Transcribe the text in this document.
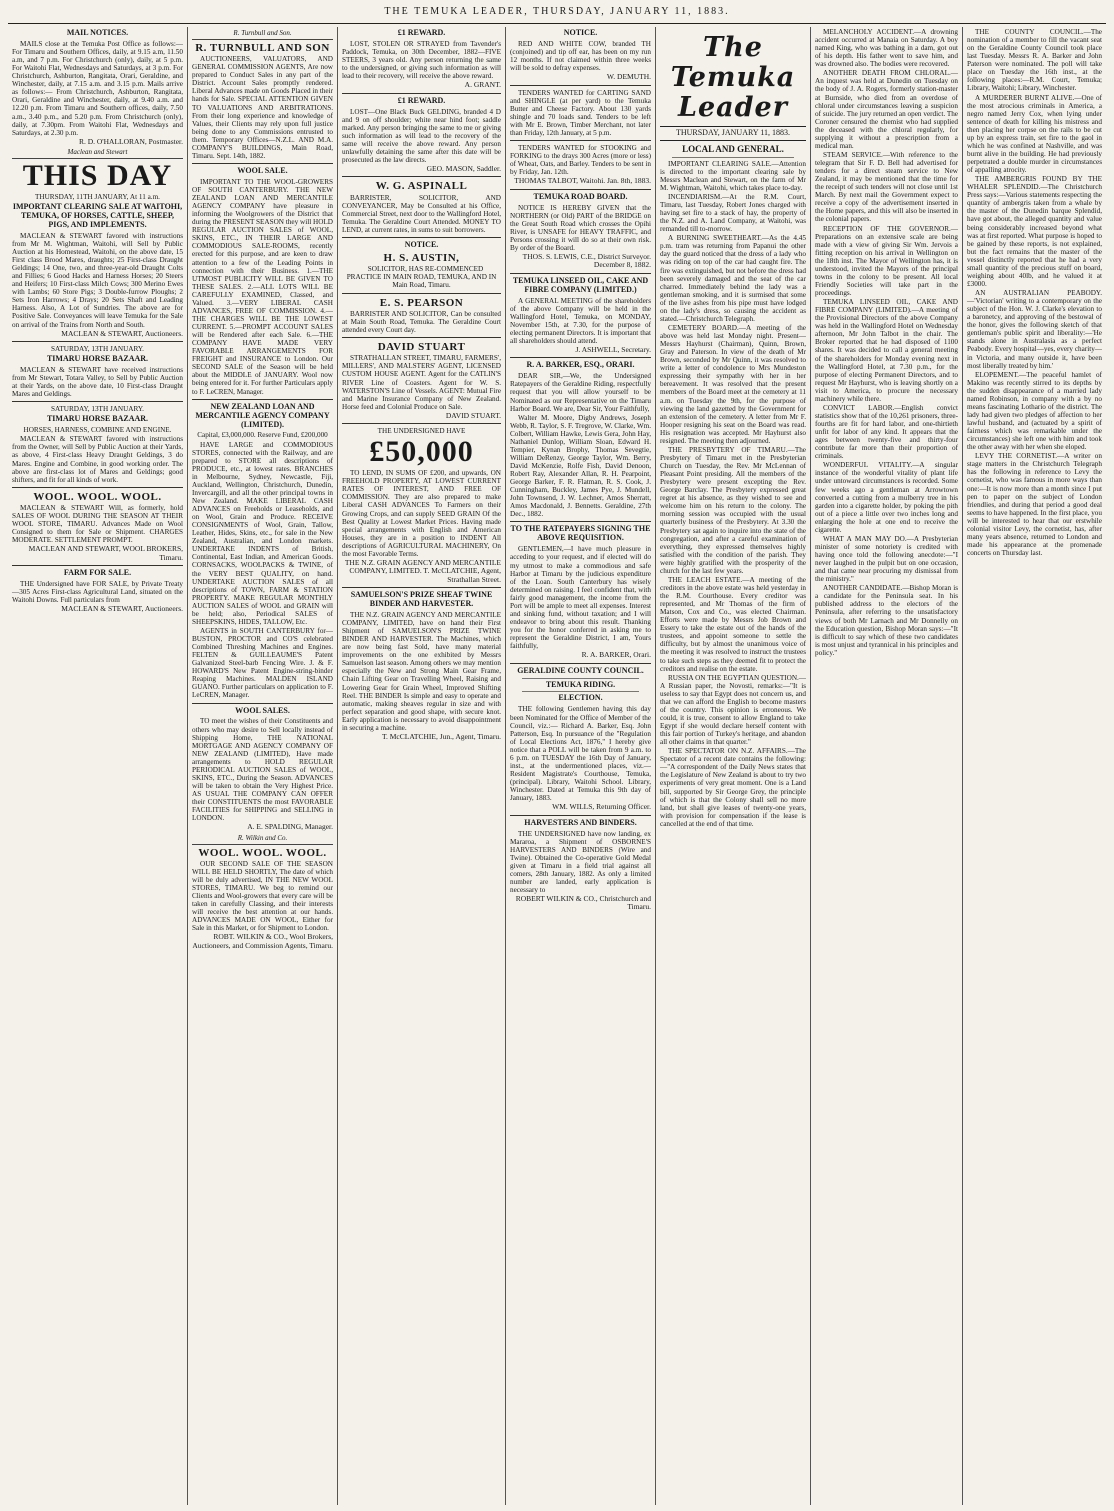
THE TEMUKA LEADER, THURSDAY, JANUARY 11, 1883.
MAIL NOTICES.

MAILS close at the Temuka Post Office as follows:— For Timaru and Southern Offices, daily, at 9.15 a.m, 11.50 a.m, and 7 p.m. For Christchurch (only), daily, at 5 p.m. For Waitohi Flat, Wednesdays and Saturdays, at 3 p.m. For Christchurch, Ashburton, Rangitata, Orari, Geraldine, and Winchester, daily, at 7.15 a.m. and 3.15 p.m. Mails arrive as follows:— From Christchurch, Ashburton, Rangitata, Orari, Geraldine and Winchester, daily, at 9.40 a.m. and 12.20 p.m. From Timaru and Southern offices, daily, 7.50 a.m., 3.40 p.m., and 5.20 p.m. From Christchurch (only), daily, at 7.30pm. From Waitohi Flat, Wednesdays and Saturdays, at 2.30 p.m.

R. D. O'HALLORAN, Postmaster.
Maclean and Stewart
THIS DAY
THURSDAY, 11TH JANUARY, At 11 a.m.
IMPORTANT CLEARING SALE AT WAITOHI, TEMUKA, OF HORSES, CATTLE, SHEEP, PIGS, AND IMPLEMENTS.

MACLEAN & STEWART favored with instructions from Mr M. Wightman, Waitohi, will Sell by Public Auction at his Homestead, Waitohi, on the above date, 15 First class Brood Mares, draughts; 25 First-class Draught Geldings; 14 One, two, and three-year-old Draught Colts and Fillies; 6 Good Hacks and Harness Horses; 20 Steers and Heifers; 10 First-class Milch Cows; 300 Merino Ewes with Lambs; 60 Store Pigs; 3 Double-furrow Ploughs; 2 Sets Iron Harrows; 4 Drays; 20 Sets Shaft and Leading Harness. Also, A Lot of Sundries. The above are for Positive Sale. Conveyances will leave Temuka for the Sale on arrival of the Trains from North and South.

MACLEAN & STEWART, Auctioneers.
SATURDAY, 13TH JANUARY.
TIMARU HORSE BAZAAR.

MACLEAN & STEWART have received instructions from Mr Stewart, Totara Valley, to Sell by Public Auction at their Yards, on the above date, 10 First-class Draught Mares and Geldings.

SATURDAY, 13TH JANUARY.
TIMARU HORSE BAZAAR.
HORSES, HARNESS, COMBINE AND ENGINE.

MACLEAN & STEWART favored with instructions from the Owner, will Sell by Public Auction at their Yards, as above, 4 First-class Heavy Draught Geldings, 3 do Mares. Engine and Combine, in good working order. The above are first-class lot of Mares and Geldings; good shifters, and fit for all kinds of work.

WOOL. WOOL. WOOL.

MACLEAN & STEWART Will, as formerly, hold SALES OF WOOL DURING THE SEASON AT THEIR WOOL STORE, TIMARU. Advances Made on Wool Consigned to them for Sale or Shipment. CHARGES MODERATE. SETTLEMENT PROMPT.

MACLEAN AND STEWART, WOOL BROKERS, Timaru.
FARM FOR SALE.

THE Undersigned have FOR SALE, by Private Treaty—305 Acres First-class Agricultural Land, situated on the Waitohi Downs. Full particulars from

MACLEAN & STEWART, Auctioneers.
R. Turnbull and Son.
R. TURNBULL AND SON

AUCTIONEERS, VALUATORS, AND GENERAL COMMISSION AGENTS, Are now prepared to Conduct Sales in any part of the District. Account Sales promptly rendered. Liberal Advances made on Goods Placed in their hands for Sale. SPECIAL ATTENTION GIVEN TO VALUATIONS AND ARBITRATIONS. From their long experience and knowledge of Values, their Clients may rely upon full justice being done to any Commissions entrusted to them. Temporary Offices—N.Z.L. AND M.A. COMPANY'S BUILDINGS, Main Road, Timaru. Sept. 14th, 1882.

WOOL SALE.

IMPORTANT TO THE WOOL-GROWERS OF SOUTH CANTERBURY. THE NEW ZEALAND LOAN AND MERCANTILE AGENCY COMPANY have pleasure in informing the Woolgrowers of the District that during the PRESENT SEASON they will HOLD REGULAR AUCTION SALES of WOOL, SKINS, ETC., IN THEIR LARGE AND COMMODIOUS SALE-ROOMS, recently erected for this purpose, and are keen to draw attention to a few of the Leading Points in connection with their Business. 1.—THE UTMOST PUBLICITY WILL BE GIVEN TO THESE SALES. 2.—ALL LOTS WILL BE CAREFULLY EXAMINED, Classed, and Valued. 3.—VERY LIBERAL CASH ADVANCES, FREE OF COMMISSION. 4.—THE CHARGES WILL BE THE LOWEST CURRENT. 5.—PROMPT ACCOUNT SALES will be Rendered after each Sale. 6.—THE COMPANY HAVE MADE VERY FAVORABLE ARRANGEMENTS FOR FREIGHT and INSURANCE to London. Our SECOND SALE of the Season will be held about the MIDDLE of JANUARY. Wool now being entered for it. For further Particulars apply to F. LeCREN, Manager.

NEW ZEALAND LOAN AND MERCANTILE AGENCY COMPANY (LIMITED).
Capital, £3,000,000. Reserve Fund, £200,000

HAVE LARGE and COMMODIOUS STORES, connected with the Railway, and are prepared to STORE all descriptions of PRODUCE, etc., at lowest rates. BRANCHES in Melbourne, Sydney, Newcastle, Fiji, Auckland, Wellington, Christchurch, Dunedin, Invercargill, and all the other principal towns in New Zealand. MAKE LIBERAL CASH ADVANCES on Freeholds or Leaseholds, and on Wool, Grain and Produce. RECEIVE CONSIGNMENTS of Wool, Grain, Tallow, Leather, Hides, Skins, etc., for sale in the New Zealand, Australian, and London markets. UNDERTAKE INDENTS of British, Continental, East Indian, and American Goods. CORNSACKS, WOOLPACKS & TWINE, of the VERY BEST QUALITY, on hand. UNDERTAKE AUCTION SALES of all descriptions of TOWN, FARM & STATION PROPERTY. MAKE REGULAR MONTHLY AUCTION SALES of WOOL and GRAIN will be held; also, Periodical SALES of SHEEPSKINS, HIDES, TALLOW, Etc.

AGENTS in SOUTH CANTERBURY for—BUSTON, PROCTOR and CO'S celebrated Combined Threshing Machines and Engines. FELTEN & GUILLEAUME'S Patent Galvanized Steel-barb Fencing Wire. J. & F. HOWARD'S New Patent Engine-string-binder Reaping Machines. MALDEN ISLAND GUANO. Further particulars on application to F. LeCREN, Manager.

WOOL SALES.

TO meet the wishes of their Constituents and others who may desire to Sell locally instead of Shipping Home, THE NATIONAL MORTGAGE AND AGENCY COMPANY OF NEW ZEALAND (LIMITED), Have made arrangements to HOLD REGULAR PERIODICAL AUCTION SALES of WOOL, SKINS, ETC., During the Season. ADVANCES will be taken to obtain the Very Highest Price. AS USUAL THE COMPANY CAN OFFER their CONSTITUENTS the most FAVORABLE FACILITIES for SHIPPING and SELLING in LONDON.

A. E. SPALDING, Manager.
R. Wilkin and Co.
WOOL. WOOL. WOOL.

OUR SECOND SALE OF THE SEASON WILL BE HELD SHORTLY, The date of which will be duly advertised, IN THE NEW WOOL STORES, TIMARU. We beg to remind our Clients and Wool-growers that every care will be taken in carefully Classing, and their interests will receive the best attention at our hands. ADVANCES MADE ON WOOL, Either for Sale in this Market, or for Shipment to London.

ROBT. WILKIN & CO., Wool Brokers, Auctioneers, and Commission Agents, Timaru.
£1 REWARD.

LOST, STOLEN OR STRAYED from Tavender's Paddock, Temuka, on 30th December, 1882—FIVE STEERS, 3 years old. Any person returning the same to the undersigned, or giving such information as will lead to their recovery, will receive the above reward.

A. GRANT.
£1 REWARD.

LOST—One Black Buck GELDING, branded 4 D and 9 on off shoulder; white near hind foot; saddle marked. Any person bringing the same to me or giving such information as will lead to the recovery of the same will receive the above reward. Any person unlawfully detaining the same after this date will be prosecuted as the law directs.

GEO. MASON, Saddler.
W. G. ASPINALL

BARRISTER, SOLICITOR, AND CONVEYANCER, May be Consulted at his Office, Commercial Street, next door to the Wallingford Hotel, Temuka. The Geraldine Court Attended. MONEY TO LEND, at current rates, in sums to suit borrowers.

NOTICE.
H. S. AUSTIN,

SOLICITOR, HAS RE-COMMENCED PRACTICE IN MAIN ROAD, TEMUKA, AND IN Main Road, Timaru.

E. S. PEARSON

BARRISTER AND SOLICITOR, Can be consulted at Main South Road, Temuka. The Geraldine Court attended every Court day.

DAVID STUART

STRATHALLAN STREET, TIMARU, FARMERS', MILLERS', AND MALSTERS' AGENT, LICENSED CUSTOM HOUSE AGENT. Agent for the CATLIN'S RIVER Line of Coasters. Agent for W. S. WATERSTON'S Line of Vessels. AGENT: Mutual Fire and Marine Insurance Company of New Zealand. Horse feed and Colonial Produce on Sale.

DAVID STUART.
THE UNDERSIGNED HAVE
£50,000

TO LEND, IN SUMS OF £200, and upwards, ON FREEHOLD PROPERTY, AT LOWEST CURRENT RATES OF INTEREST, AND FREE OF COMMISSION. They are also prepared to make Liberal CASH ADVANCES To Farmers on their Growing Crops, and can supply SEED GRAIN Of the Best Quality at Lowest Market Prices. Having made special arrangements with English and American Houses, they are in a position to INDENT All descriptions of AGRICULTURAL MACHINERY, On the most Favorable Terms.

THE N.Z. GRAIN AGENCY AND MERCANTILE COMPANY, LIMITED. T. McCLATCHIE, Agent, Strathallan Street.
SAMUELSON'S PRIZE SHEAF TWINE BINDER AND HARVESTER.

THE N.Z. GRAIN AGENCY AND MERCANTILE COMPANY, LIMITED, have on hand their First Shipment of SAMUELSON'S PRIZE TWINE BINDER AND HARVESTER. The Machines, which are now being fast Sold, have many material improvements on the one exhibited by Messrs Samuelson last season. Among others we may mention especially the New and Strong Main Gear Frame, Chain Lifting Gear on Travelling Wheel, Raising and Lowering Gear for Grain Wheel, Improved Shifting Reel. THE BINDER Is simple and easy to operate and automatic, making sheaves regular in size and with perfect separation and good shape, with secure knot. Early application is necessary to avoid disappointment in securing a machine.

T. McCLATCHIE, Jun., Agent, Timaru.
NOTICE.

RED AND WHITE COW, branded TH (conjoined) and tip off ear, has been on my run 12 months. If not claimed within three weeks will be sold to defray expenses.

W. DEMUTH.

TENDERS WANTED for CARTING SAND and SHINGLE (at per yard) to the Temuka Butter and Cheese Factory. About 130 yards shingle and 70 loads sand. Tenders to be left with Mr E. Brown, Timber Merchant, not later than Friday, 12th January, at 5 p.m.

TENDERS WANTED for STOOKING and FORKING to the drays 300 Acres (more or less) of Wheat, Oats, and Barley. Tenders to be sent in by Friday, Jan. 12th.

THOMAS TALBOT, Waitohi. Jan. 8th, 1883.
TEMUKA ROAD BOARD.

NOTICE IS HEREBY GIVEN that the NORTHERN (or Old) PART of the BRIDGE on the Great South Road which crosses the Opihi River, is UNSAFE for HEAVY TRAFFIC, and Persons crossing it will do so at their own risk. By order of the Board.

THOS. S. LEWIS, C.E., District Surveyor. December 8, 1882.
TEMUKA LINSEED OIL, CAKE AND FIBRE COMPANY (LIMITED.)

A GENERAL MEETING of the shareholders of the above Company will be held in the Wallingford Hotel, Temuka, on MONDAY, November 15th, at 7.30, for the purpose of electing permanent Directors. It is important that all shareholders should attend.

J. ASHWELL, Secretary.
R. A. BARKER, ESQ., ORARI.

DEAR SIR,—We, the Undersigned Ratepayers of the Geraldine Riding, respectfully request that you will allow yourself to be Nominated as our Representative on the Timaru Harbor Board. We are, Dear Sir, Your Faithfully,

Walter M. Moore, Digby Andrews, Joseph Webb, R. Taylor, S. F. Tregrove, W. Clarke, Wm. Colbert, William Hawke, Lewis Gera, John Hay, Nathaniel Dunlop, William Sloan, Edward H. Tempier, Kynan Brophy, Thomas Sevegtie, William DeRenzy, George Taylor, Wm. Berry, David McKenzie, Rolfe Fish, David Denoon, Robert Ray, Alexander Allan, R. H. Pearpoint, George Barker, F. R. Flatman, R. S. Cook, J. Cunningham, Buckley, James Pye, J. Mundell, John Townsend, J. W. Lechner, Amos Sherratt, Amos Macdonald, J. Bennetts. Geraldine, 27th Dec., 1882.

TO THE RATEPAYERS SIGNING THE ABOVE REQUISITION.

GENTLEMEN,—I have much pleasure in acceding to your request, and if elected will do my utmost to make a commodious and safe Harbor at Timaru by the judicious expenditure of the Loan. South Canterbury has wisely determined on raising. I feel confident that, with fairly good management, the income from the Port will be ample to meet all expenses. Interest and sinking fund, without taxation; and I will endeavor to bring about this result. Thanking you for the honor conferred in asking me to represent the Geraldine District, I am, Yours faithfully,

R. A. BARKER, Orari.
GERALDINE COUNTY COUNCIL.
TEMUKA RIDING.
ELECTION.

THE following Gentlemen having this day been Nominated for the Office of Member of the Council, viz.:— Richard A. Barker, Esq. John Patterson, Esq. In pursuance of the "Regulation of Local Elections Act, 1876," I hereby give notice that a POLL will be taken from 9 a.m. to 6 p.m. on TUESDAY the 16th Day of January, inst., at the undermentioned places, viz.— Resident Magistrate's Courthouse, Temuka, (principal). Library, Waitohi School. Library, Winchester. Dated at Temuka this 9th day of January, 1883.

WM. WILLS, Returning Officer.
HARVESTERS AND BINDERS.

THE UNDERSIGNED have now landing, ex Mararoa, a Shipment of OSBORNE'S HARVESTERS AND BINDERS (Wire and Twine). Obtained the Co-operative Gold Medal given at Timaru in a field trial against all comers, 28th January, 1882. As only a limited number are landed, early application is necessary to

ROBERT WILKIN & CO., Christchurch and Timaru.
The Temuka Leader
THURSDAY, JANUARY 11, 1883.
LOCAL AND GENERAL.

IMPORTANT CLEARING SALE.—Attention is directed to the important clearing sale by Messrs Maclean and Stewart, on the farm of Mr M. Wightman, Waitohi, which takes place to-day.

INCENDIARISM.—At the R.M. Court, Timaru, last Tuesday, Robert Jones charged with having set fire to a stack of hay, the property of the N.Z. and A. Land Company, at Waitohi, was remanded till to-morrow.

A BURNING SWEETHEART.—As the 4.45 p.m. tram was returning from Papanui the other day the guard noticed that the dress of a lady who was riding on top of the car had caught fire. The fire was extinguished, but not before the dress had been severely damaged and the seat of the car charred. Immediately behind the lady was a gentleman smoking, and it is surmised that some of the live ashes from his pipe must have lodged on the lady's dress, so causing the accident as stated.—Christchurch Telegraph.

CEMETERY BOARD.—A meeting of the above was held last Monday night. Present—Messrs Hayhurst (Chairman), Quinn, Brown, Gray and Paterson. In view of the death of Mr Brown, seconded by Mr Quinn, it was resolved to write a letter of condolence to Mrs Mundeston expressing their sympathy with her in her bereavement. It was resolved that the present members of the Board meet at the cemetery at 11 a.m. on Tuesday the 9th, for the purpose of viewing the land gazetted by the Government for an extension of the cemetery. A letter from Mr F. Hooper resigning his seat on the Board was read. His resignation was accepted. Mr Hayhurst also resigned. The meeting then adjourned.

THE PRESBYTERY OF TIMARU.—The Presbytery of Timaru met in the Presbyterian Church on Tuesday, the Rev. Mr McLennan of Pleasant Point presiding. All the members of the Presbytery were present excepting the Rev. George Barclay. The Presbytery expressed great regret at his absence, as they wished to see and welcome him on his return to the colony. The morning session was occupied with the usual quarterly business of the Presbytery. At 3.30 the Presbytery sat again to inquire into the state of the congregation, and after a careful examination of everything, they expressed themselves highly satisfied with the condition of the parish. They were highly gratified with the prosperity of the church for the last few years.

THE LEACH ESTATE.—A meeting of the creditors in the above estate was held yesterday in the R.M. Courthouse. Every creditor was represented, and Mr Thomas of the firm of Matson, Cox and Co., was elected Chairman. Efforts were made by Messrs Job Brown and Essery to take the estate out of the hands of the trustees, and appoint someone to settle the difficulty, but by almost the unanimous voice of the meeting it was resolved to instruct the trustees to take such steps as they deemed fit to protect the creditors and realise on the estate.

RUSSIA ON THE EGYPTIAN QUESTION.—A Russian paper, the Novosti, remarks:—"It is useless to say that Egypt does not concern us, and that we can afford the English to become masters of the country. This opinion is erroneous. We could, it is true, consent to allow England to take Egypt if she would declare herself content with this fair portion of Turkey's heritage, and abandon all other claims in that quarter."

THE SPECTATOR ON N.Z. AFFAIRS.—The Spectator of a recent date contains the following:—"A correspondent of the Daily News states that the Legislature of New Zealand is about to try two experiments of very great moment. One is a Land bill, supported by Sir George Grey, the principle of which is that the Colony shall sell no more land, but shall give leases of twenty-one years, with provision for compensation if the lease is cancelled at the end of that time.

MELANCHOLY ACCIDENT.—A drowning accident occurred at Manaia on Saturday. A boy named King, who was bathing in a dam, got out of his depth. His father went to save him, and was drowned also. The bodies were recovered.

ANOTHER DEATH FROM CHLORAL.—An inquest was held at Dunedin on Tuesday on the body of J. A. Rogers, formerly station-master at Burnside, who died from an overdose of chloral under circumstances leaving a suspicion of suicide. The jury returned an open verdict. The Coroner censured the chemist who had supplied the deceased with the chloral regularly, for supplying it without a prescription from a medical man.

STEAM SERVICE.—With reference to the telegram that Sir F. D. Bell had advertised for tenders for a direct steam service to New Zealand, it may be mentioned that the time for the receipt of such tenders will not close until 1st March. By next mail the Government expect to receive a copy of the advertisement inserted in the Home papers, and this will also be inserted in the colonial papers.

RECEPTION OF THE GOVERNOR.—Preparations on an extensive scale are being made with a view of giving Sir Wm. Jervois a fitting reception on his arrival in Wellington on the 18th inst. The Mayor of Wellington has, it is understood, invited the Mayors of the principal towns in the colony to be present. All local Friendly Societies will take part in the proceedings.

TEMUKA LINSEED OIL, CAKE AND FIBRE COMPANY (LIMITED).—A meeting of the Provisional Directors of the above Company was held in the Wallingford Hotel on Wednesday afternoon, Mr John Talbot in the chair. The Broker reported that he had disposed of 1100 shares. It was decided to call a general meeting of the shareholders for Monday evening next in the Wallingford Hotel, at 7.30 p.m., for the purpose of electing Permanent Directors, and to request Mr Hayhurst, who is leaving shortly on a visit to America, to procure the necessary machinery while there.

CONVICT LABOR.—English convict statistics show that of the 10,261 prisoners, three-fourths are fit for hard labor, and one-thirtieth unfit for labor of any kind. It appears that the ages between twenty-five and thirty-four contribute far more than their proportion of criminals.

WONDERFUL VITALITY.—A singular instance of the wonderful vitality of plant life under untoward circumstances is recorded. Some few weeks ago a gentleman at Arrowtown converted a cutting from a mulberry tree in his garden into a cigarette holder, by poking the pith out of a piece a little over two inches long and enlarging the hole at one end to receive the cigarette.

WHAT A MAN MAY DO.—A Presbyterian minister of some notoriety is credited with having once told the following anecdote:—"I never laughed in the pulpit but on one occasion, and that came near procuring my dismissal from the ministry."

ANOTHER CANDIDATE.—Bishop Moran is a candidate for the Peninsula seat. In his published address to the electors of the Peninsula, after referring to the unsatisfactory views of both Mr Larnach and Mr Donnelly on the Education question, Bishop Moran says:—"It is difficult to say which of these two candidates is most unjust and tyrannical in his principles and policy."

THE COUNTY COUNCIL.—The nomination of a member to fill the vacant seat on the Geraldine County Council took place last Tuesday. Messrs R. A. Barker and John Paterson were nominated. The poll will take place on Tuesday the 16th inst., at the following places:—R.M. Court, Temuka; Library, Waitohi; Library, Winchester.

A MURDERER BURNT ALIVE.—One of the most atrocious criminals in America, a negro named Jerry Cox, when lying under sentence of death for killing his mistress and then placing her corpse on the rails to be cut up by an express train, set fire to the gaol in which he was confined at Nashville, and was burnt alive in the building. He had previously perpetrated a double murder in circumstances of appalling atrocity.

THE AMBERGRIS FOUND BY THE WHALER SPLENDID.—The Christchurch Press says:—Various statements respecting the quantity of ambergris taken from a whale by the master of the Dunedin barque Splendid, have got about, the alleged quantity and value being considerably increased beyond what was at first reported. What purpose is hoped to be gained by these reports, is not explained, but the fact remains that the master of the vessel distinctly reported that he had a very small quantity of the precious stuff on board, weighing about 40lb, and he valued it at £3000.

AN AUSTRALIAN PEABODY.—'Victorian' writing to a contemporary on the subject of the Hon. W. J. Clarke's elevation to a baronetcy, and approving of the bestowal of the honor, gives the following sketch of that gentleman's public spirit and liberality:—'He stands alone in Australasia as a perfect Peabody. Every hospital—yes, every charity—in Victoria, and many outside it, have been most liberally treated by him.'

ELOPEMENT.—The peaceful hamlet of Makino was recently stirred to its depths by the sudden disappearance of a married lady named Robinson, in company with a by no means fascinating Lothario of the district. The lady had given two pledges of affection to her lawful husband, and (actuated by a spirit of fairness which was remarkable under the circumstances) she left one with him and took the other away with her when she eloped.

LEVY THE CORNETIST.—A writer on stage matters in the Christchurch Telegraph has the following in reference to Levy the cornetist, who was famous in more ways than one:—It is now more than a month since I put pen to paper on the subject of London friendlies, and during that period a good deal seems to have happened. In the first place, you will be interested to hear that our erstwhile colonial visitor Levy, the cornetist, has, after many years absence, returned to London and made his appearance at the promenade concerts on Thursday last.
